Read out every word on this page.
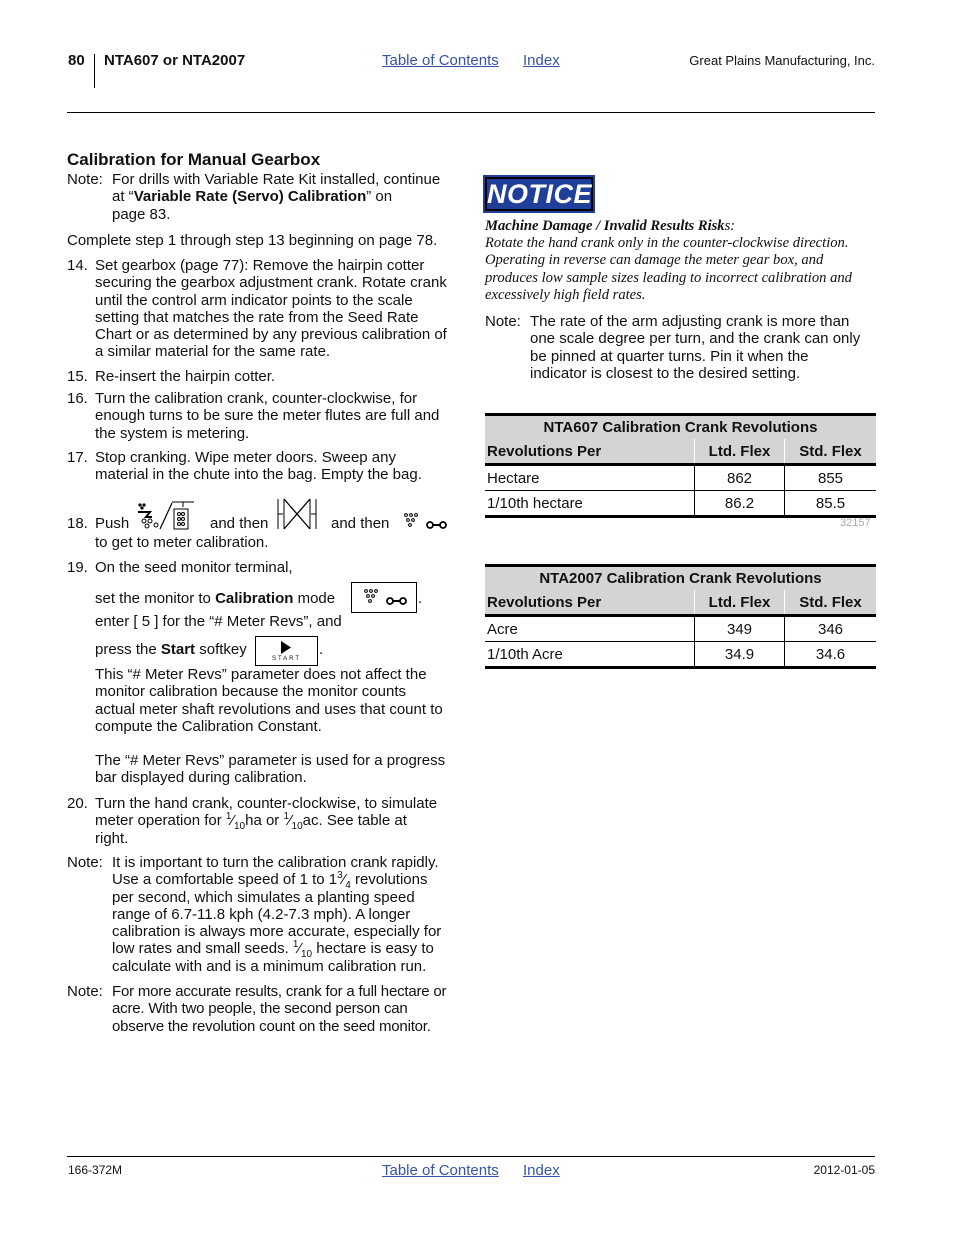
80 NTA607 or NTA2007	Table of Contents Index	Great Plains Manufacturing, Inc.
Calibration for Manual Gearbox
Note: For drills with Variable Rate Kit installed, continue
at “Variable Rate (Servo) Calibration” on
page 83.
Complete step 1 through step 13 beginning on page 78.
14. Set gearbox (page 77): Remove the hairpin cotter
securing the gearbox adjustment crank. Rotate crank
until the control arm indicator points to the scale
setting that matches the rate from the Seed Rate
Chart or as determined by any previous calibration of
a similar material for the same rate.
15. Re-insert the hairpin cotter.
16. Turn the calibration crank, counter-clockwise, for
enough turns to be sure the meter flutes are full and
the system is metering.
17. Stop cranking. Wipe meter doors. Sweep any
material in the chute into the bag. Empty the bag.
18. Push	and then	and then
to get to meter calibration.
19. On the seed monitor terminal,
set the monitor to Calibration mode	.
enter [ 5 ] for the “# Meter Revs”, and
press the Start softkey
START
.
This “# Meter Revs” parameter does not affect the
monitor calibration because the monitor counts
actual meter shaft revolutions and uses that count to
compute the Calibration Constant.
The “# Meter Revs” parameter is used for a progress
bar displayed during calibration.
20. Turn the hand crank, counter-clockwise, to simulate
meter operation for $^1⁄_{10}ha$ or $^1⁄_{10}ac$. See table at
right.
Note: It is important to turn the calibration crank rapidly.
Use a comfortable speed of 1 to $1^3⁄_4$ revolutions
per second, which simulates a planting speed
range of 6.7-11.8 kph (4.2-7.3 mph). A longer
calibration is always more accurate, especially for
low rates and small seeds. $^1⁄_{10}$ hectare is easy to
calculate with and is a minimum calibration run.
Note: For more accurate results, crank for a full hectare or
acre. With two people, the second person can
observe the revolution count on the seed monitor.
NOTICE
Machine Damage / Invalid Results Risks:
Rotate the hand crank only in the counter-clockwise direction.
Operating in reverse can damage the meter gear box, and
produces low sample sizes leading to incorrect calibration and
excessively high field rates.
Note: The rate of the arm adjusting crank is more than
one scale degree per turn, and the crank can only
be pinned at quarter turns. Pin it when the
indicator is closest to the desired setting.
NTA607 Calibration Crank Revolutions		
Revolutions Per	Ltd. Flex	Std. Flex
Hectare	862	855
1/10th hectare	86.2	85.5
32157
NTA2007 Calibration Crank Revolutions		
Revolutions Per	Ltd. Flex	Std. Flex
Acre	349	346
1/10th Acre	34.9	34.6
166-372M	Table of Contents Index	2012-01-05
